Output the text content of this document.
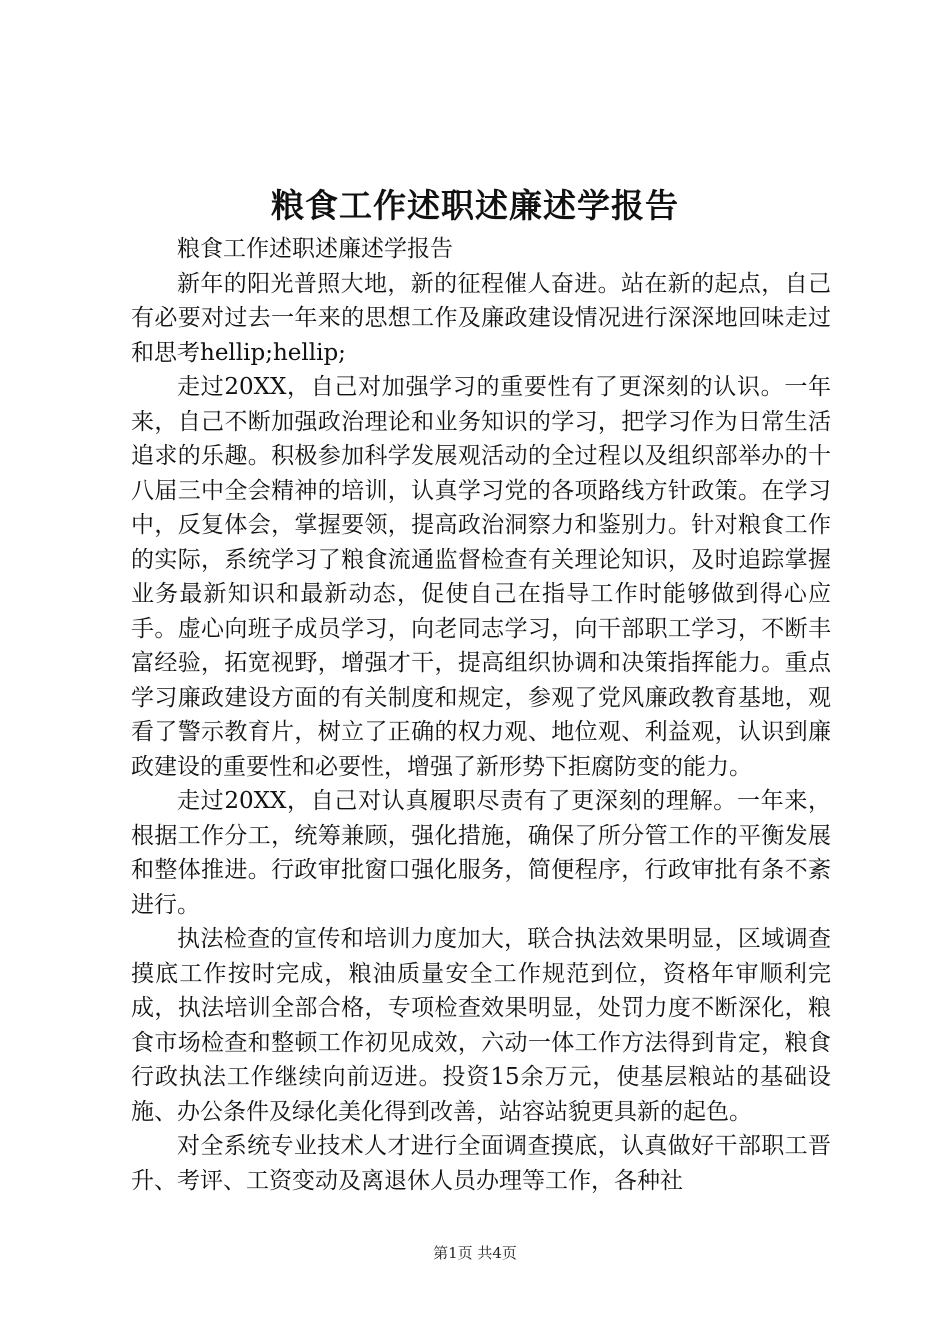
粮食工作述职述廉述学报告

粮食工作述职述廉述学报告

新年的阳光普照大地，新的征程催人奋进。站在新的起点，自己有必要对过去一年来的思想工作及廉政建设情况进行深深地回味走过和思考hellip;hellip;

走过20XX，自己对加强学习的重要性有了更深刻的认识。一年来，自己不断加强政治理论和业务知识的学习，把学习作为日常生活追求的乐趣。积极参加科学发展观活动的全过程以及组织部举办的十八届三中全会精神的培训，认真学习党的各项路线方针政策。在学习中，反复体会，掌握要领，提高政治洞察力和鉴别力。针对粮食工作的实际，系统学习了粮食流通监督检查有关理论知识，及时追踪掌握业务最新知识和最新动态，促使自己在指导工作时能够做到得心应手。虚心向班子成员学习，向老同志学习，向干部职工学习，不断丰富经验，拓宽视野，增强才干，提高组织协调和决策指挥能力。重点学习廉政建设方面的有关制度和规定，参观了党风廉政教育基地，观看了警示教育片，树立了正确的权力观、地位观、利益观，认识到廉政建设的重要性和必要性，增强了新形势下拒腐防变的能力。

走过20XX，自己对认真履职尽责有了更深刻的理解。一年来，根据工作分工，统筹兼顾，强化措施，确保了所分管工作的平衡发展和整体推进。行政审批窗口强化服务，简便程序，行政审批有条不紊进行。

执法检查的宣传和培训力度加大，联合执法效果明显，区域调查摸底工作按时完成，粮油质量安全工作规范到位，资格年审顺利完成，执法培训全部合格，专项检查效果明显，处罚力度不断深化，粮食市场检查和整顿工作初见成效，六动一体工作方法得到肯定，粮食行政执法工作继续向前迈进。投资15余万元，使基层粮站的基础设施、办公条件及绿化美化得到改善，站容站貌更具新的起色。

对全系统专业技术人才进行全面调查摸底，认真做好干部职工晋升、考评、工资变动及离退休人员办理等工作，各种社

第1页 共4页
